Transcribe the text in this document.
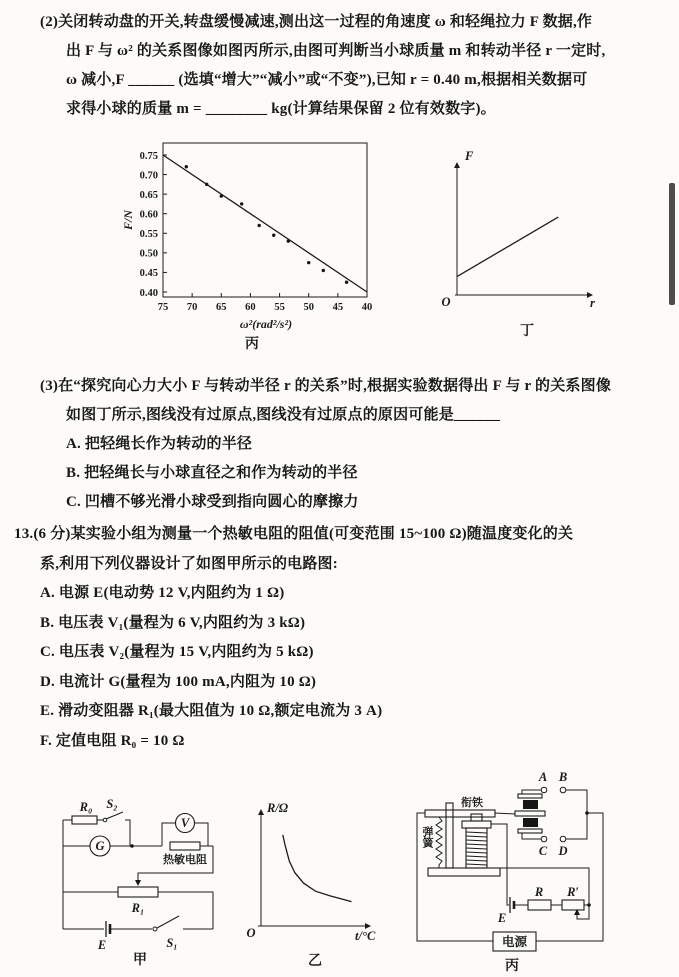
(2)关闭转动盘的开关,转盘缓慢减速,测出这一过程的角速度 ω 和轻绳拉力 F 数据,作
出 F 与 ω² 的关系图像如图丙所示,由图可判断当小球质量 m 和转动半径 r 一定时,
ω 减小,F ______ (选填“增大”“减小”或“不变”),已知 r = 0.40 m,根据相关数据可
求得小球的质量 m = ________ kg(计算结果保留 2 位有效数字)。
F/N
ω²(rad²/s²)
丙
0.75
0.70
0.65
0.60
0.55
0.50
0.45
0.40
75 70 65 60 55 50 45 40
F
r
O
丁
(3)在“探究向心力大小 F 与转动半径 r 的关系”时,根据实验数据得出 F 与 r 的关系图像
如图丁所示,图线没有过原点,图线没有过原点的原因可能是______
A. 把轻绳长作为转动的半径
B. 把轻绳长与小球直径之和作为转动的半径
C. 凹槽不够光滑小球受到指向圆心的摩擦力
13.(6 分)某实验小组为测量一个热敏电阻的阻值(可变范围 15~100 Ω)随温度变化的关
系,利用下列仪器设计了如图甲所示的电路图:
A. 电源 E(电动势 12 V,内阻约为 1 Ω)
B. 电压表 V₁(量程为 6 V,内阻约为 3 kΩ)
C. 电压表 V₂(量程为 15 V,内阻约为 5 kΩ)
D. 电流计 G(量程为 100 mA,内阻为 10 Ω)
E. 滑动变阻器 R₁(最大阻值为 10 Ω,额定电流为 3 A)
F. 定值电阻 R₀ = 10 Ω
R₀ S₂
G
V
热敏电阻
R₁
E	S₁
甲
R/Ω
t/°C
O
乙
衔铁
弹簧
A B
C D
E
R R′
电源
丙
